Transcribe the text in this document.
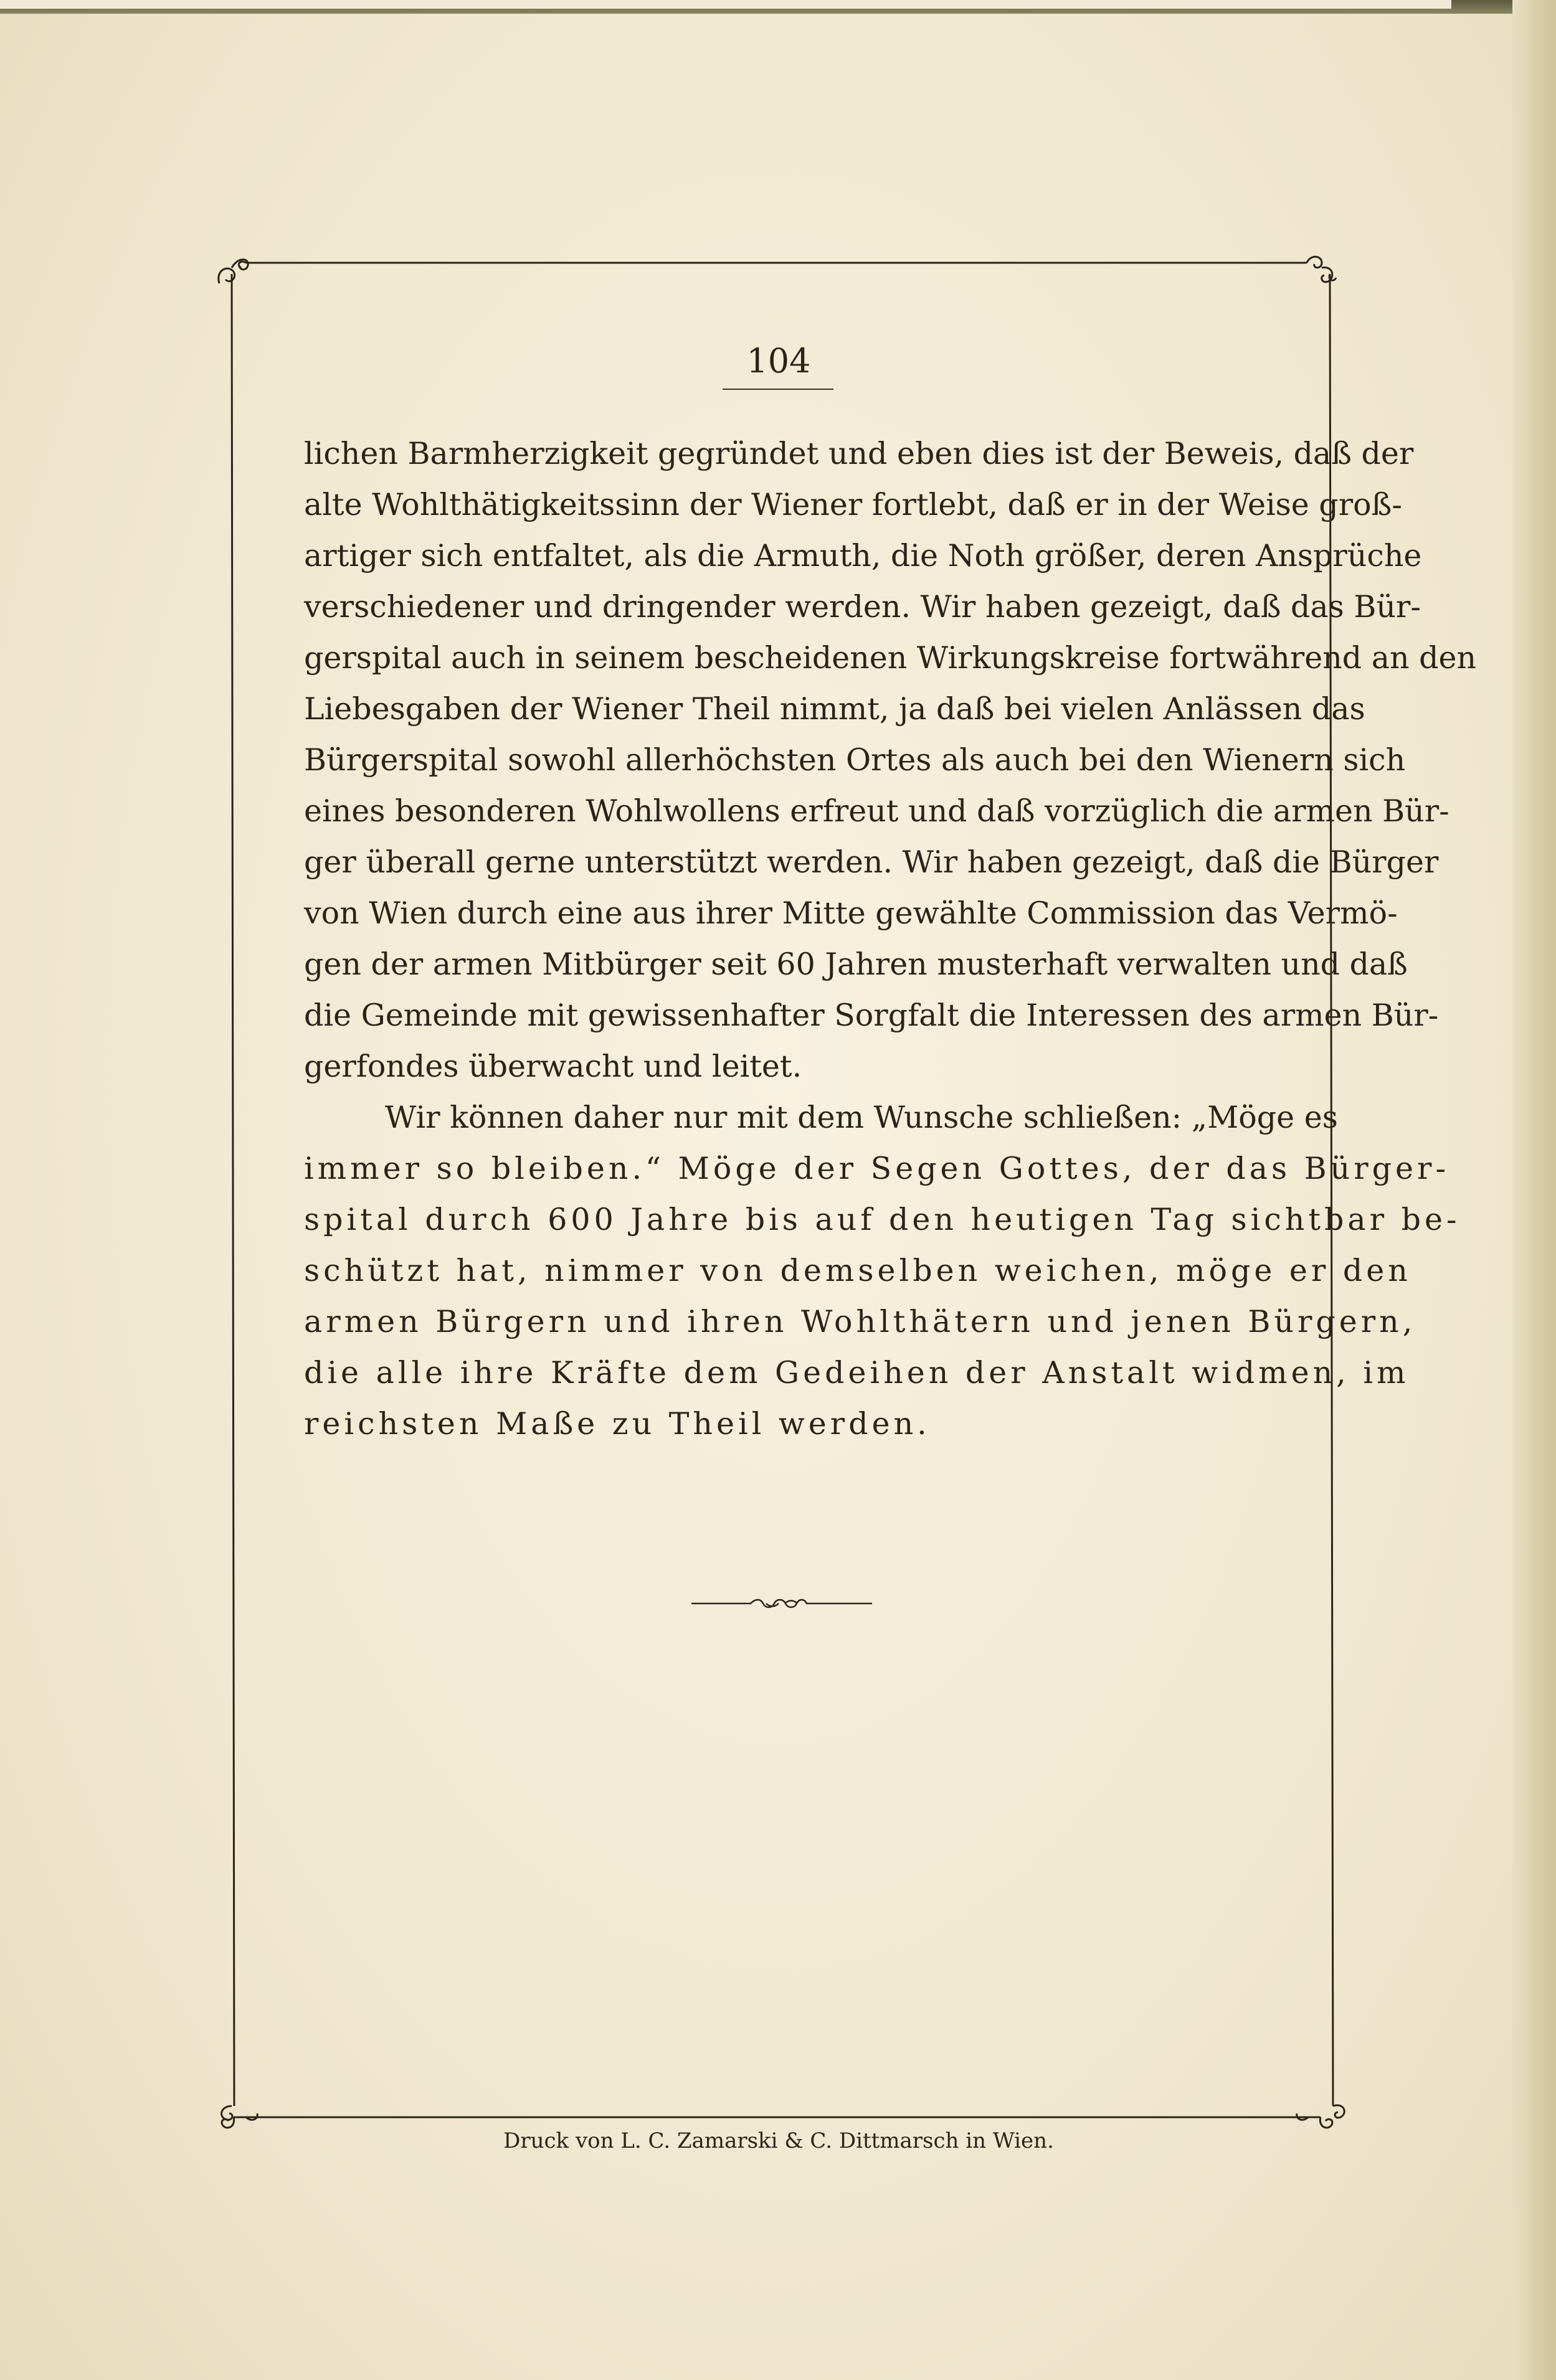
104
lichen Barmherzigkeit gegründet und eben dies ist der Beweis, daß der
alte Wohlthätigkeitssinn der Wiener fortlebt, daß er in der Weise groß-
artiger sich entfaltet, als die Armuth, die Noth größer, deren Ansprüche
verschiedener und dringender werden. Wir haben gezeigt, daß das Bür-
gerspital auch in seinem bescheidenen Wirkungskreise fortwährend an den
Liebesgaben der Wiener Theil nimmt, ja daß bei vielen Anlässen das
Bürgerspital sowohl allerhöchsten Ortes als auch bei den Wienern sich
eines besonderen Wohlwollens erfreut und daß vorzüglich die armen Bür-
ger überall gerne unterstützt werden. Wir haben gezeigt, daß die Bürger
von Wien durch eine aus ihrer Mitte gewählte Commission das Vermö-
gen der armen Mitbürger seit 60 Jahren musterhaft verwalten und daß
die Gemeinde mit gewissenhafter Sorgfalt die Interessen des armen Bür-
gerfondes überwacht und leitet.
Wir können daher nur mit dem Wunsche schließen: „Möge es
immer so bleiben.“ Möge der Segen Gottes, der das Bürger-
spital durch 600 Jahre bis auf den heutigen Tag sichtbar be-
schützt hat, nimmer von demselben weichen, möge er den
armen Bürgern und ihren Wohlthätern und jenen Bürgern,
die alle ihre Kräfte dem Gedeihen der Anstalt widmen, im
reichsten Maße zu Theil werden.
Druck von L. C. Zamarski & C. Dittmarsch in Wien.
